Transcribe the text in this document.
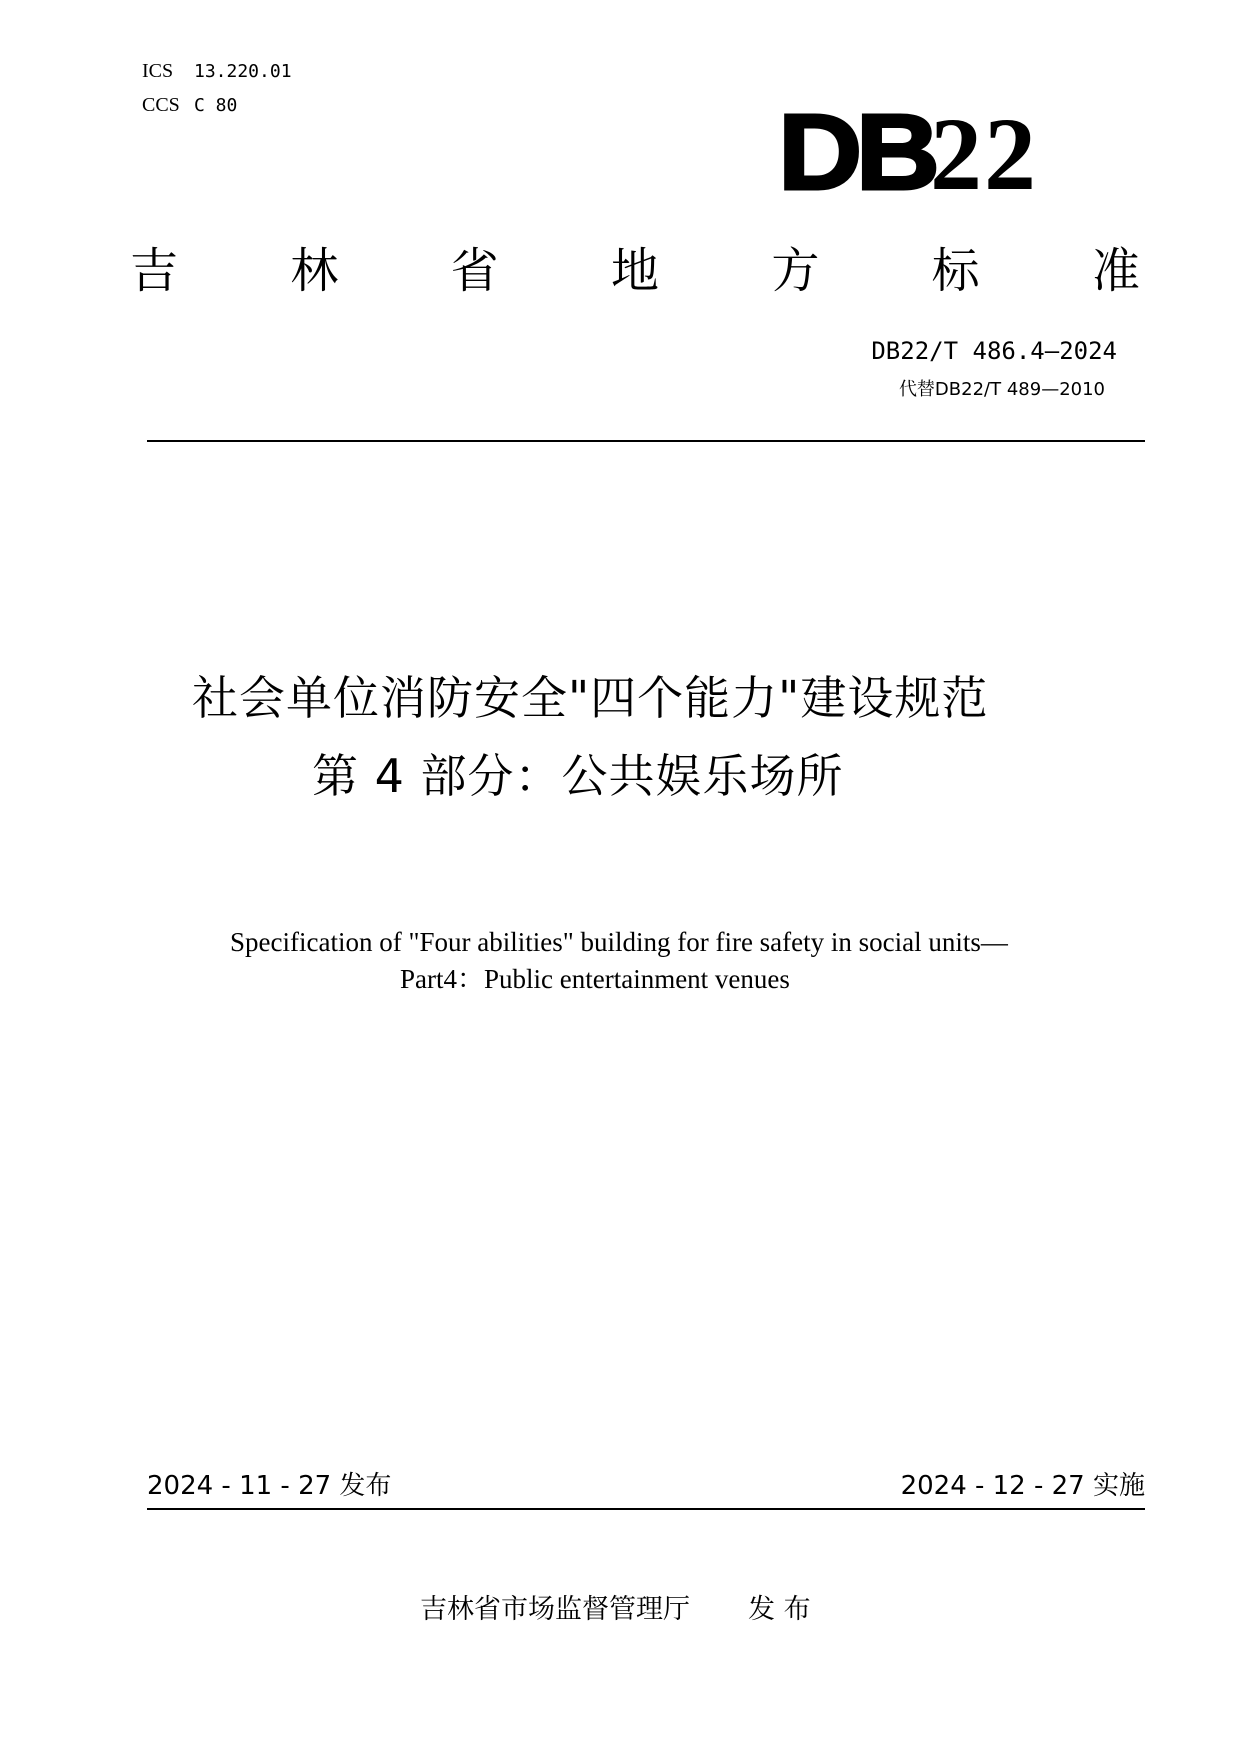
ICS 13.220.01
CCS C 80	DB22
吉 林 省 地 方 标 准
DB22/T 486.4—2024
代替DB22/T 489—2010
社会单位消防安全"四个能力"建设规范
第 4 部分：公共娱乐场所
Specification of "Four abilities" building for fire safety in social units—
Part4：Public entertainment venues
2024 - 11 - 27 发布	2024 - 12 - 27 实施
吉林省市场监督管理厅 发 布
